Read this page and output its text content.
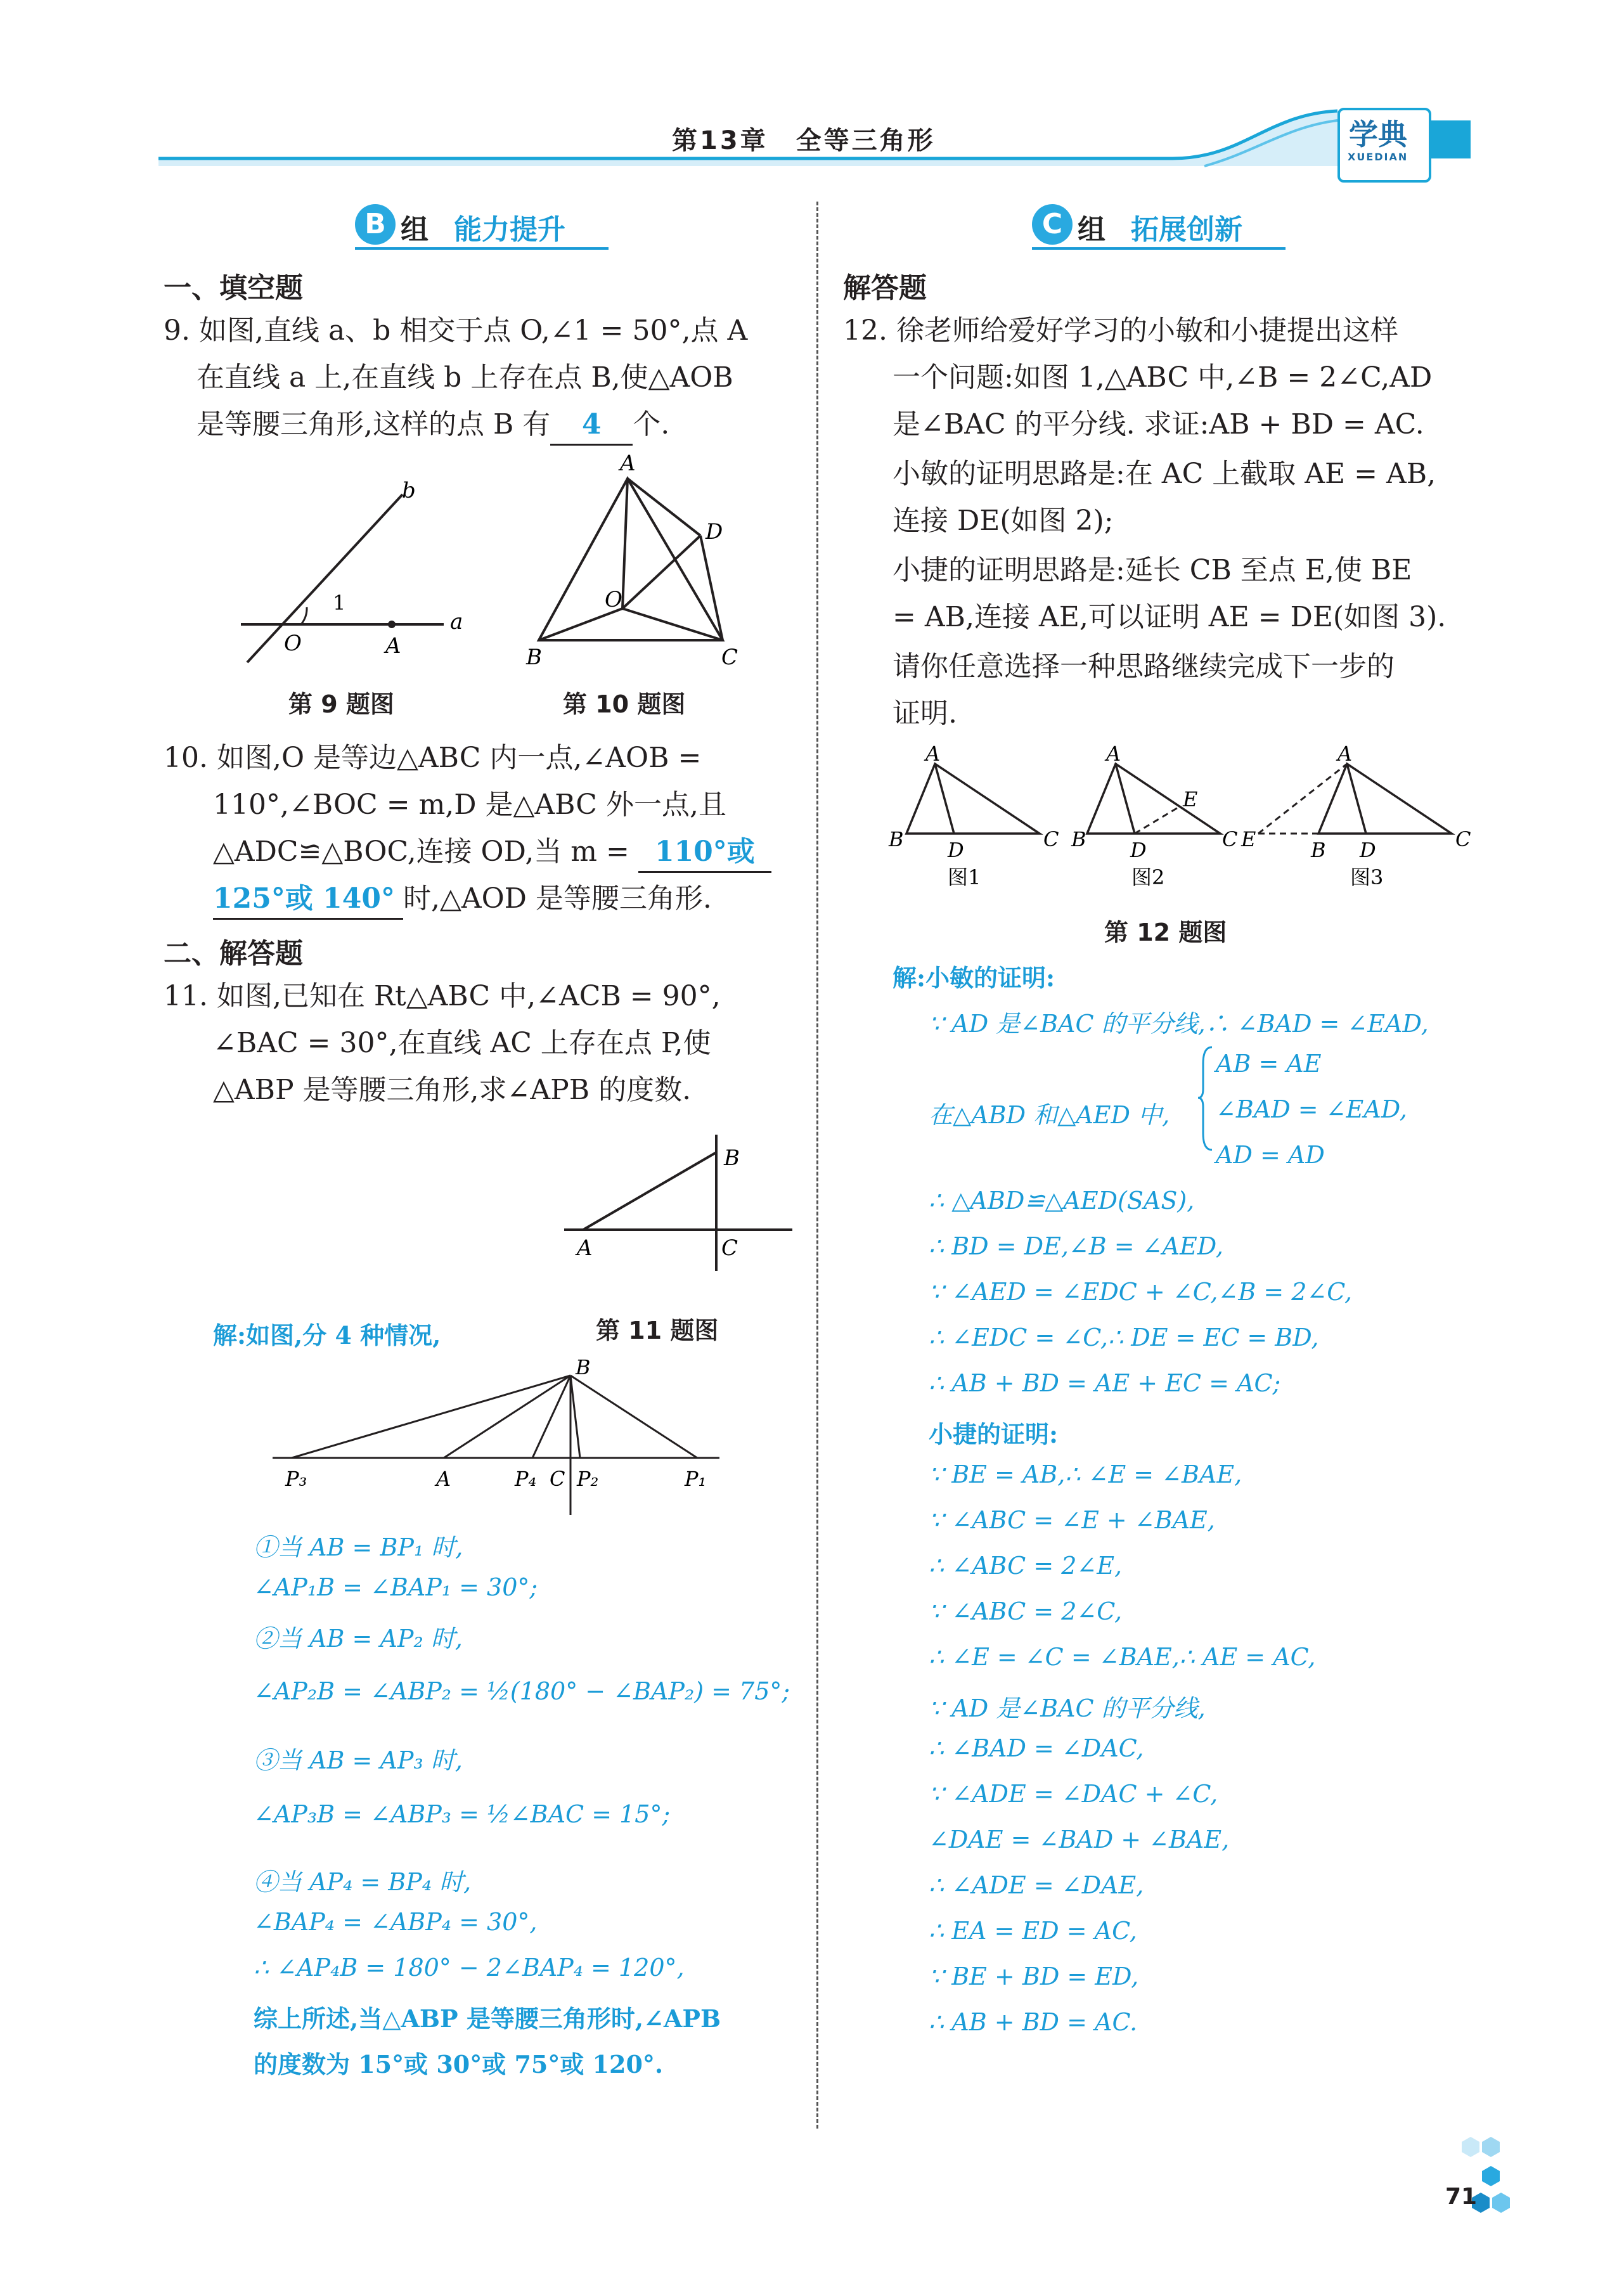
第13章　全等三角形	学典
XUEDIAN
B 组 能力提升
一、填空题
9. 如图,直线 a、b 相交于点 O,∠1 = 50°,点 A
在直线 a 上,在直线 b 上存在点 B,使△AOB
是等腰三角形,这样的点 B 有 4 个.
b
1
O	A
a
A
D
O
B	C
第 9 题图	第 10 题图
10. 如图,O 是等边△ABC 内一点,∠AOB =
110°,∠BOC = m,D 是△ABC 外一点,且
△ADC≌△BOC,连接 OD,当 m = 110°或
125°或 140° 时,△AOD 是等腰三角形.
二、解答题
11. 如图,已知在 Rt△ABC 中,∠ACB = 90°,
∠BAC = 30°,在直线 AC 上存在点 P,使
△ABP 是等腰三角形,求∠APB 的度数.
B
A	C
解:如图,分 4 种情况,	第 11 题图
B
P₃	A	P₄ C P₂	P₁
①当 AB = BP₁ 时,
∠AP₁B = ∠BAP₁ = 30°;
②当 AB = AP₂ 时,
∠AP₂B = ∠ABP₂ = ½(180° − ∠BAP₂) = 75°;
③当 AB = AP₃ 时,
∠AP₃B = ∠ABP₃ = ½∠BAC = 15°;
④当 AP₄ = BP₄ 时,
∠BAP₄ = ∠ABP₄ = 30°,
∴ ∠AP₄B = 180° − 2∠BAP₄ = 120°,
综上所述,当△ABP 是等腰三角形时,∠APB
的度数为 15°或 30°或 75°或 120°.
C 组 拓展创新
解答题
12. 徐老师给爱好学习的小敏和小捷提出这样
一个问题:如图 1,△ABC 中,∠B = 2∠C,AD
是∠BAC 的平分线. 求证:AB + BD = AC.
小敏的证明思路是:在 AC 上截取 AE = AB,
连接 DE(如图 2);
小捷的证明思路是:延长 CB 至点 E,使 BE
= AB,连接 AE,可以证明 AE = DE(如图 3).
请你任意选择一种思路继续完成下一步的
证明.
A
B D	C
图1
A
B D
E
C
图2
A
E	B D	C
图3
第 12 题图
解:小敏的证明:
∵ AD 是∠BAC 的平分线,∴ ∠BAD = ∠EAD,
在△ABD 和△AED 中,
AB = AE
∠BAD = ∠EAD,
AD = AD
∴ △ABD≌△AED(SAS),
∴ BD = DE,∠B = ∠AED,
∵ ∠AED = ∠EDC + ∠C,∠B = 2∠C,
∴ ∠EDC = ∠C,∴ DE = EC = BD,
∴ AB + BD = AE + EC = AC;
小捷的证明:
∵ BE = AB,∴ ∠E = ∠BAE,
∵ ∠ABC = ∠E + ∠BAE,
∴ ∠ABC = 2∠E,
∵ ∠ABC = 2∠C,
∴ ∠E = ∠C = ∠BAE,∴ AE = AC,
∵ AD 是∠BAC 的平分线,
∴ ∠BAD = ∠DAC,
∵ ∠ADE = ∠DAC + ∠C,
∠DAE = ∠BAD + ∠BAE,
∴ ∠ADE = ∠DAE,
∴ EA = ED = AC,
∵ BE + BD = ED,
∴ AB + BD = AC.
71
